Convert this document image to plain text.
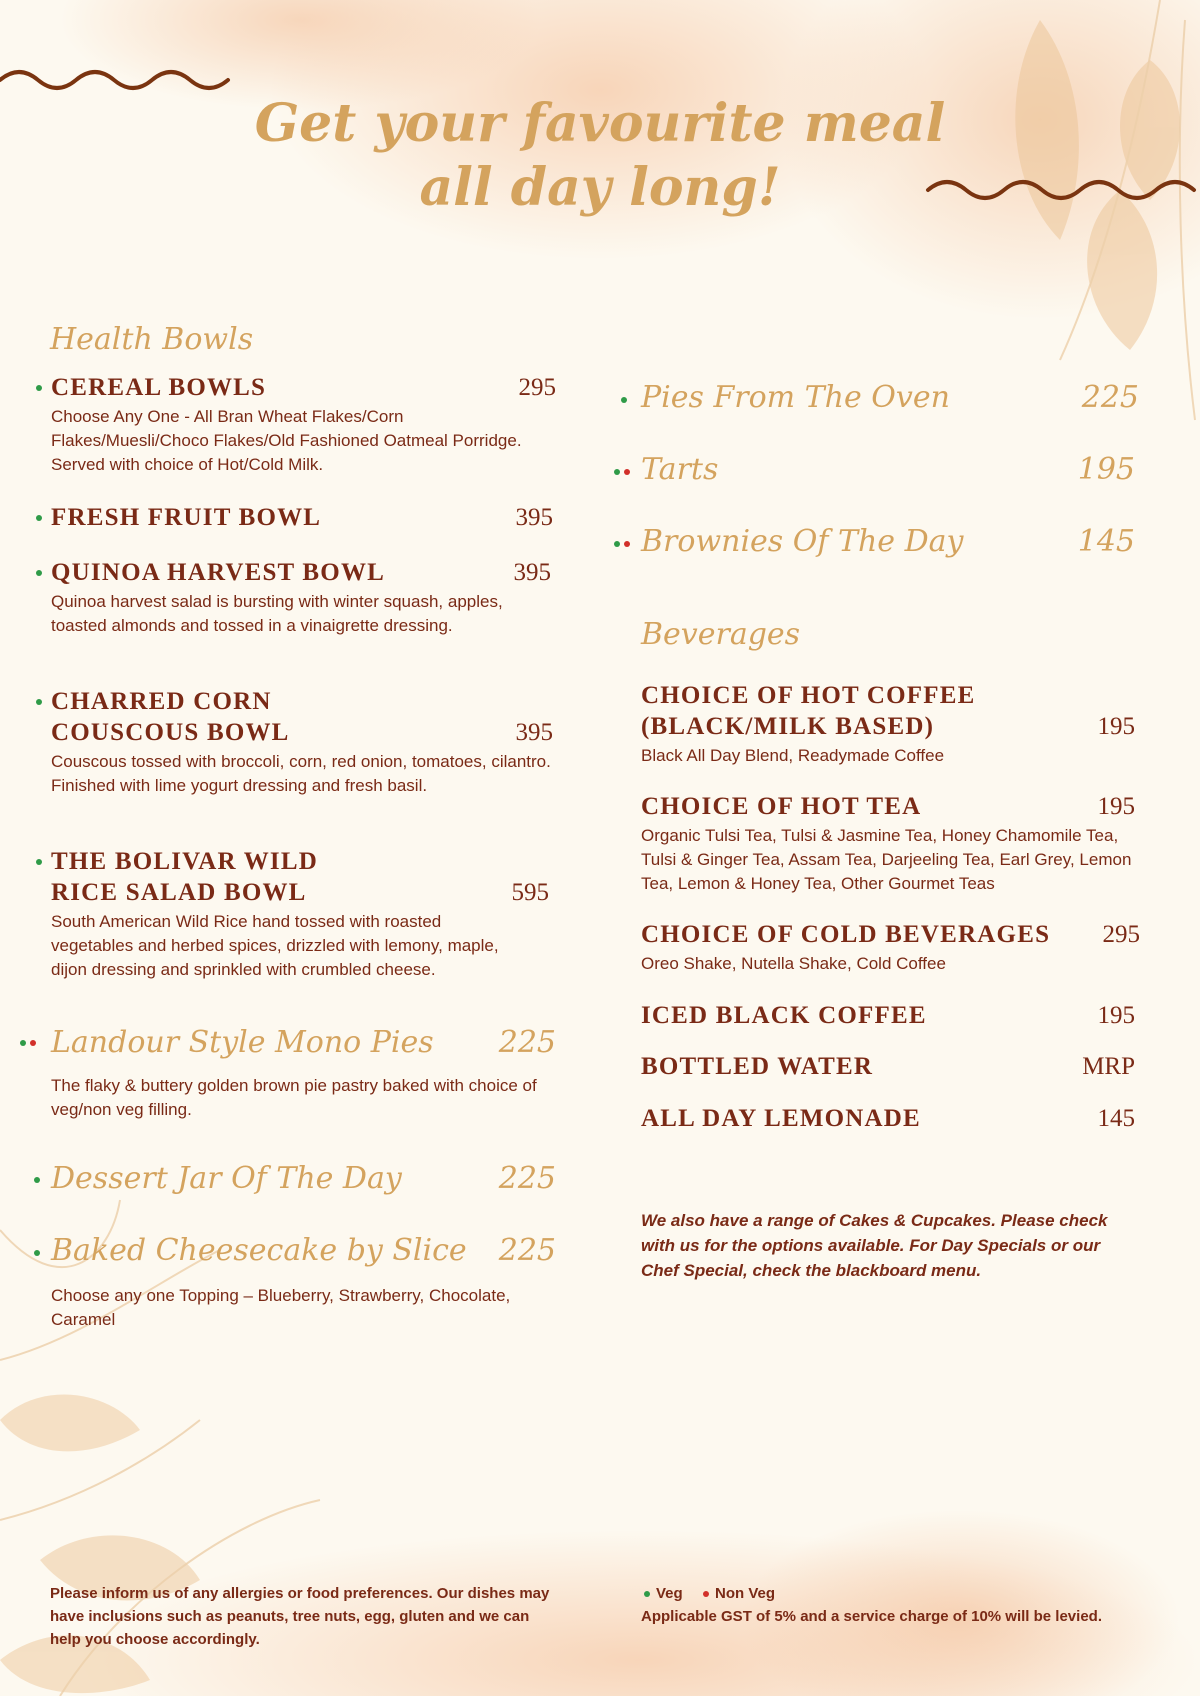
Get your favourite meal
all day long!
Health Bowls
CEREAL BOWLS	295
Choose Any One - All Bran Wheat Flakes/Corn Flakes/Muesli/Choco Flakes/Old Fashioned Oatmeal Porridge. Served with choice of Hot/Cold Milk.
FRESH FRUIT BOWL	395
QUINOA HARVEST BOWL	395
Quinoa harvest salad is bursting with winter squash, apples, toasted almonds and tossed in a vinaigrette dressing.
CHARRED CORN
COUSCOUS BOWL	395
Couscous tossed with broccoli, corn, red onion, tomatoes, cilantro. Finished with lime yogurt dressing and fresh basil.
THE BOLIVAR WILD
RICE SALAD BOWL	595
South American Wild Rice hand tossed with roasted vegetables and herbed spices, drizzled with lemony, maple, dijon dressing and sprinkled with crumbled cheese.
Landour Style Mono Pies	225
The flaky & buttery golden brown pie pastry baked with choice of veg/non veg filling.
Dessert Jar Of The Day	225
Baked Cheesecake by Slice	225
Choose any one Topping – Blueberry, Strawberry, Chocolate, Caramel
Pies From The Oven	225
Tarts	195
Brownies Of The Day	145
Beverages
CHOICE OF HOT COFFEE
(BLACK/MILK BASED)	195
Black All Day Blend, Readymade Coffee
CHOICE OF HOT TEA	195
Organic Tulsi Tea, Tulsi & Jasmine Tea, Honey Chamomile Tea, Tulsi & Ginger Tea, Assam Tea, Darjeeling Tea, Earl Grey, Lemon Tea, Lemon & Honey Tea, Other Gourmet Teas
CHOICE OF COLD BEVERAGES	295
Oreo Shake, Nutella Shake, Cold Coffee
ICED BLACK COFFEE	195
BOTTLED WATER	MRP
ALL DAY LEMONADE	145
We also have a range of Cakes & Cupcakes. Please check with us for the options available. For Day Specials or our Chef Special, check the blackboard menu.
Please inform us of any allergies or food preferences. Our dishes may have inclusions such as peanuts, tree nuts, egg, gluten and we can help you choose accordingly.
Veg Non Veg
Applicable GST of 5% and a service charge of 10% will be levied.
